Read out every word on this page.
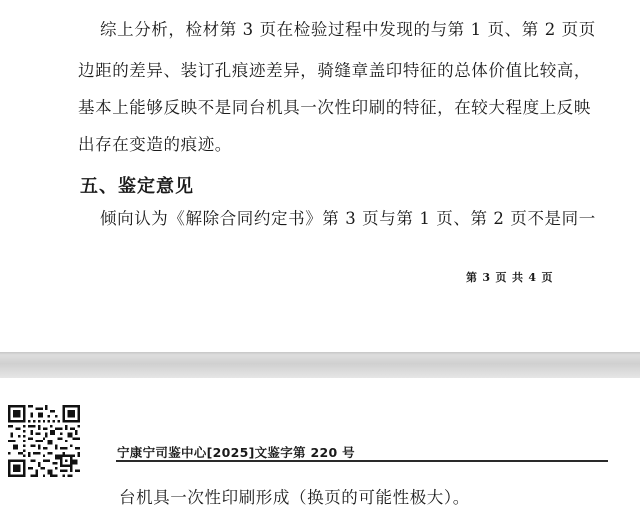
综上分析，检材第 3 页在检验过程中发现的与第 1 页、第 2 页页
边距的差异、装订孔痕迹差异，骑缝章盖印特征的总体价值比较高，
基本上能够反映不是同台机具一次性印刷的特征，在较大程度上反映
出存在变造的痕迹。
五、鉴定意见
倾向认为《解除合同约定书》第 3 页与第 1 页、第 2 页不是同一
第 3 页 共 4 页
宁康宁司鉴中心[2025]文鉴字第 220 号
台机具一次性印刷形成（换页的可能性极大）。
